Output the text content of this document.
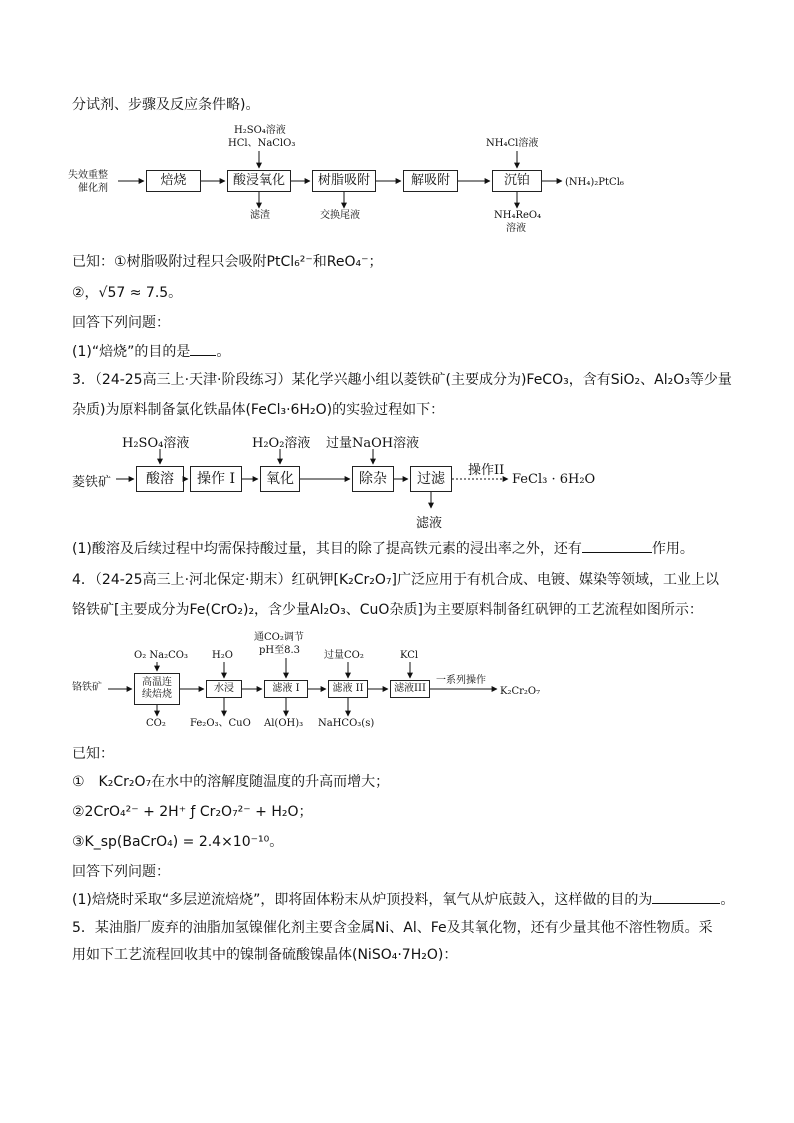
分试剂、步骤及反应条件略)。
失效重整
催化剂
H₂SO₄溶液
HCl、NaClO₃	NH₄Cl溶液
焙烧	酸浸氧化	树脂吸附	解吸附	沉铂	(NH₄)₂PtCl₆
滤渣	交换尾液	NH₄ReO₄
溶液
已知：①树脂吸附过程只会吸附PtCl₆²⁻和ReO₄⁻；
②，√57 ≈ 7.5。
回答下列问题：
(1)“焙烧”的目的是 。
3．（24-25高三上·天津·阶段练习）某化学兴趣小组以菱铁矿(主要成分为)FeCO₃，含有SiO₂、Al₂O₃等少量
杂质)为原料制备氯化铁晶体(FeCl₃·6H₂O)的实验过程如下：
H₂SO₄溶液	H₂O₂溶液 过量NaOH溶液
菱铁矿	酸溶	操作 I	氧化	除杂	过滤
操作II
FeCl₃ · 6H₂O
滤液
(1)酸溶及后续过程中均需保持酸过量，其目的除了提高铁元素的浸出率之外，还有	作用。
4．（24-25高三上·河北保定·期末）红矾钾[K₂Cr₂O₇]广泛应用于有机合成、电镀、媒染等领域，工业上以
铬铁矿[主要成分为Fe(CrO₂)₂，含少量Al₂O₃、CuO杂质]为主要原料制备红矾钾的工艺流程如图所示：
O₂ Na₂CO₃ H₂O
通CO₂调节
pH至8.3 过量CO₂	KCl
铬铁矿	高温连
续焙烧
水浸	滤液 I	滤液 II	滤液III
一系列操作
K₂Cr₂O₇
CO₂ Fe₂O₃、CuO Al(OH)₃ NaHCO₃(s)
已知：
①　K₂Cr₂O₇在水中的溶解度随温度的升高而增大；
②2CrO₄²⁻ + 2H⁺ ƒ Cr₂O₇²⁻ + H₂O；
③K_sp(BaCrO₄) = 2.4×10⁻¹⁰。
回答下列问题：
(1)焙烧时采取“多层逆流焙烧”，即将固体粉末从炉顶投料，氧气从炉底鼓入，这样做的目的为	。
5．某油脂厂废弃的油脂加氢镍催化剂主要含金属Ni、Al、Fe及其氧化物，还有少量其他不溶性物质。采
用如下工艺流程回收其中的镍制备硫酸镍晶体(NiSO₄·7H₂O)：
